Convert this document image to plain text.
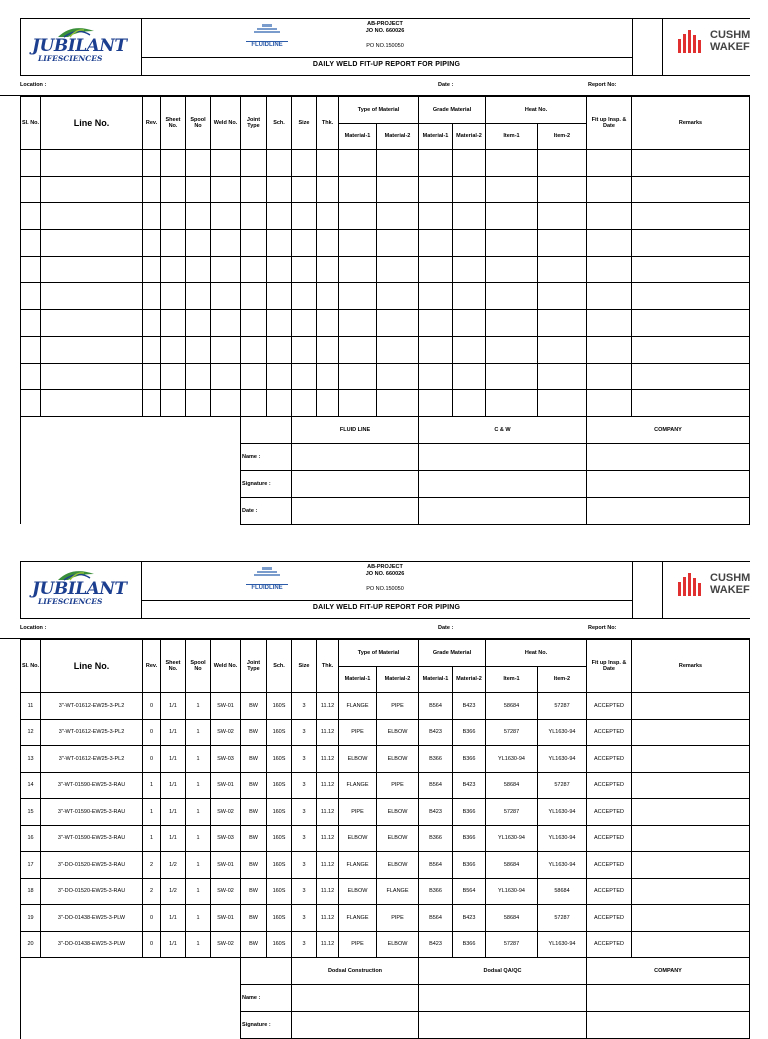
JUBILANT
LIFESCIENCES
FLUIDLINE
AB-PROJECT
JO NO. 660026
PO NO.150050
DAILY WELD FIT-UP REPORT FOR PIPING
CUSHM
WAKEF
Location :	Date :	Report No:
Sl. No.	Line No.	Rev.	Sheet No.	Spool No	Weld No.	Joint Type	Sch.	Size	Thk.	Type of Material		Grade Material		Heat No.		Fit up Insp. & Date	Remarks
										Material-1	Material-2	Material-1	Material-2	Item-1	Item-2		

								FLUID LINE				C & W				COMPANY	
						Name :											
						Signature :											
						Date :											
JUBILANT
LIFESCIENCES
FLUIDLINE
AB-PROJECT
JO NO. 660026
PO NO.150050
DAILY WELD FIT-UP REPORT FOR PIPING
CUSHM
WAKEF
Location :	Date :	Report No:
Sl. No.	Line No.	Rev.	Sheet No.	Spool No	Weld No.	Joint Type	Sch.	Size	Thk.	Type of Material		Grade Material		Heat No.		Fit up Insp. & Date	Remarks
										Material-1	Material-2	Material-1	Material-2	Item-1	Item-2		
11	3"-WT-01612-EW25-3-PL2	0	1/1	1	SW-01	BW	160S	3	11.12	FLANGE	PIPE	B564	B423	58684	57287	ACCEPTED	
12	3"-WT-01612-EW25-3-PL2	0	1/1	1	SW-02	BW	160S	3	11.12	PIPE	ELBOW	B423	B366	57287	YL1630-94	ACCEPTED	
13	3"-WT-01612-EW25-3-PL2	0	1/1	1	SW-03	BW	160S	3	11.12	ELBOW	ELBOW	B366	B366	YL1630-94	YL1630-94	ACCEPTED	
14	3"-WT-01590-EW25-3-RAU	1	1/1	1	SW-01	BW	160S	3	11.12	FLANGE	PIPE	B564	B423	58684	57287	ACCEPTED	
15	3"-WT-01590-EW25-3-RAU	1	1/1	1	SW-02	BW	160S	3	11.12	PIPE	ELBOW	B423	B366	57287	YL1630-94	ACCEPTED	
16	3"-WT-01590-EW25-3-RAU	1	1/1	1	SW-03	BW	160S	3	11.12	ELBOW	ELBOW	B366	B366	YL1630-94	YL1630-94	ACCEPTED	
17	3"-DO-01520-EW25-3-RAU	2	1/2	1	SW-01	BW	160S	3	11.12	FLANGE	ELBOW	B564	B366	58684	YL1630-94	ACCEPTED	
18	3"-DO-01520-EW25-3-RAU	2	1/2	1	SW-02	BW	160S	3	11.12	ELBOW	FLANGE	B366	B564	YL1630-94	58684	ACCEPTED	
19	3"-DO-01438-EW25-3-PLW	0	1/1	1	SW-01	BW	160S	3	11.12	FLANGE	PIPE	B564	B423	58684	57287	ACCEPTED	
20	3"-DO-01438-EW25-3-PLW	0	1/1	1	SW-02	BW	160S	3	11.12	PIPE	ELBOW	B423	B366	57287	YL1630-94	ACCEPTED	
								Dodsal Construction				Dodsal QA/QC				COMPANY	
						Name :											
						Signature :											
